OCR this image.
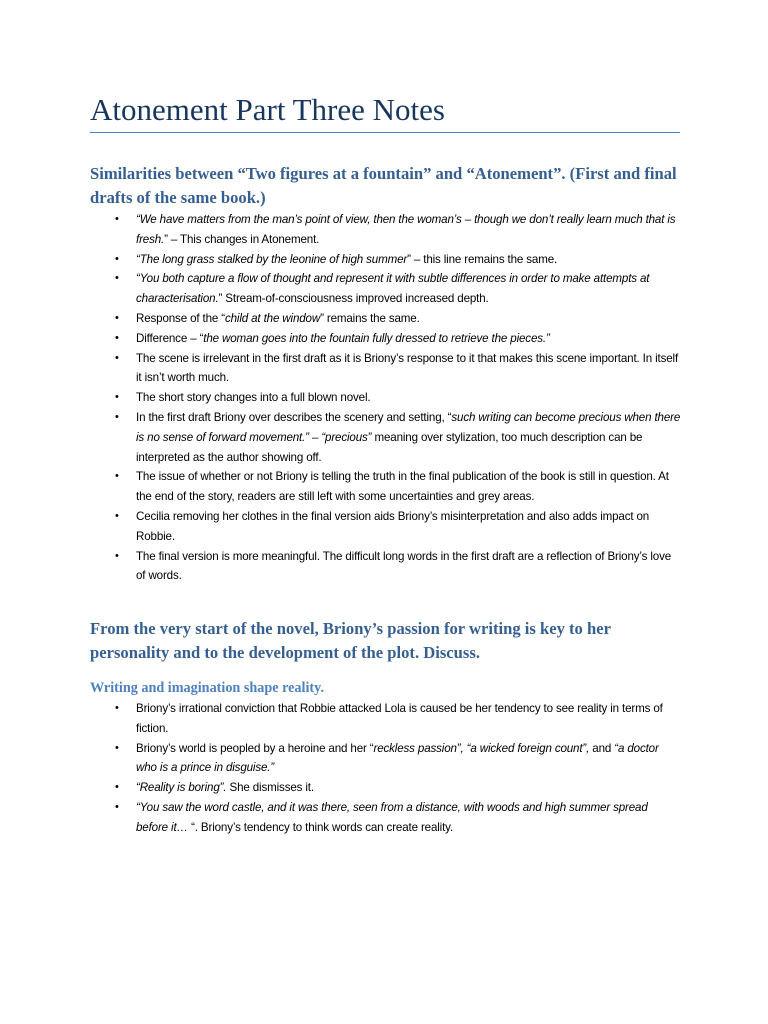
Atonement Part Three Notes
Similarities between “Two figures at a fountain” and “Atonement”. (First and final drafts of the same book.)
• “We have matters from the man’s point of view, then the woman’s – though we don’t really learn much that is fresh.” – This changes in Atonement.
• “The long grass stalked by the leonine of high summer” – this line remains the same.
• “You both capture a flow of thought and represent it with subtle differences in order to make attempts at characterisation.” Stream-of-consciousness improved increased depth.
• Response of the “child at the window” remains the same.
• Difference – “the woman goes into the fountain fully dressed to retrieve the pieces.”
• The scene is irrelevant in the first draft as it is Briony’s response to it that makes this scene important. In itself it isn’t worth much.
• The short story changes into a full blown novel.
• In the first draft Briony over describes the scenery and setting, “such writing can become precious when there is no sense of forward movement.” – “precious” meaning over stylization, too much description can be interpreted as the author showing off.
• The issue of whether or not Briony is telling the truth in the final publication of the book is still in question. At the end of the story, readers are still left with some uncertainties and grey areas.
• Cecilia removing her clothes in the final version aids Briony’s misinterpretation and also adds impact on Robbie.
• The final version is more meaningful. The difficult long words in the first draft are a reflection of Briony’s love of words.
From the very start of the novel, Briony’s passion for writing is key to her personality and to the development of the plot. Discuss.
Writing and imagination shape reality.
• Briony’s irrational conviction that Robbie attacked Lola is caused be her tendency to see reality in terms of fiction.
• Briony’s world is peopled by a heroine and her “reckless passion”, “a wicked foreign count”, and “a doctor who is a prince in disguise.”
• “Reality is boring”. She dismisses it.
• “You saw the word castle, and it was there, seen from a distance, with woods and high summer spread before it… “. Briony’s tendency to think words can create reality.
